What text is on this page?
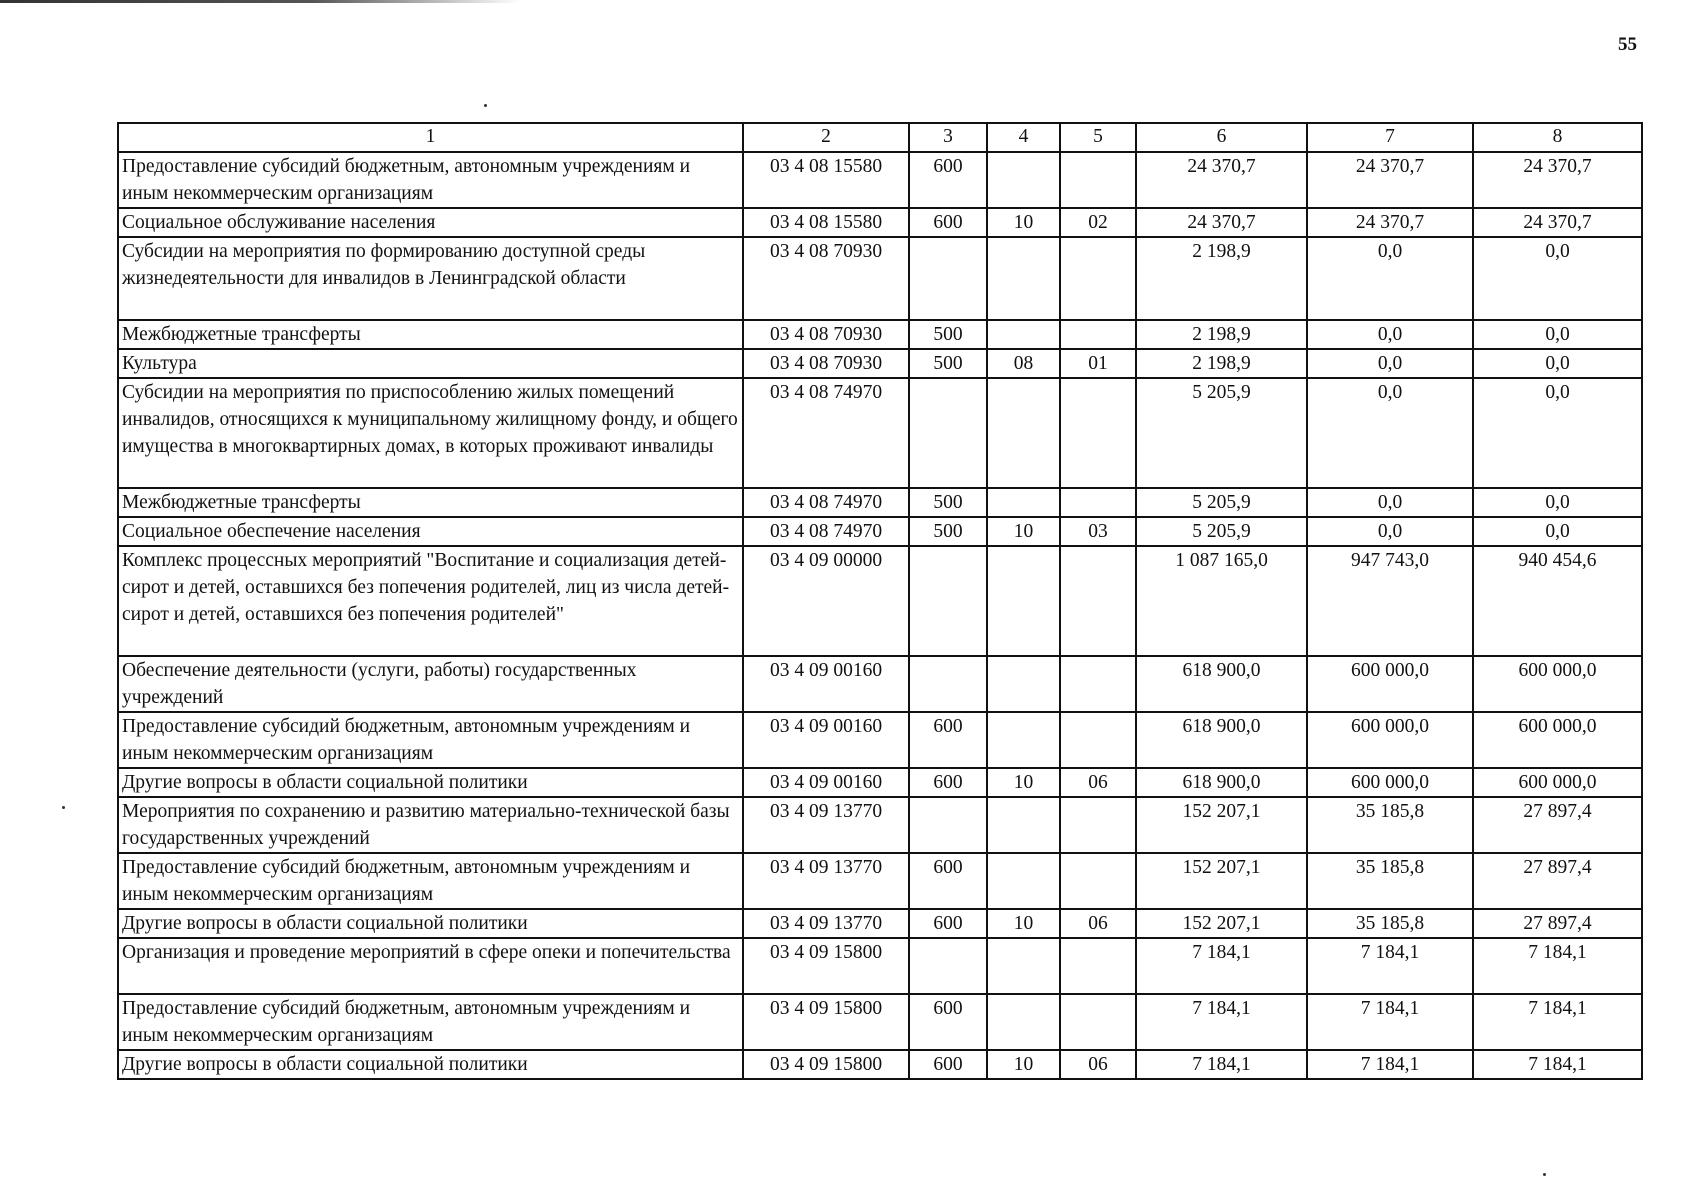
55
1	2	3	4	5	6	7	8
Предоставление субсидий бюджетным, автономным учреждениям и иным некоммерческим организациям	03 4 08 15580	600			24 370,7	24 370,7	24 370,7
Социальное обслуживание населения	03 4 08 15580	600	10	02	24 370,7	24 370,7	24 370,7
Субсидии на мероприятия по формированию доступной среды жизнедеятельности для инвалидов в Ленинградской области	03 4 08 70930				2 198,9	0,0	0,0
Межбюджетные трансферты	03 4 08 70930	500			2 198,9	0,0	0,0
Культура	03 4 08 70930	500	08	01	2 198,9	0,0	0,0
Субсидии на мероприятия по приспособлению жилых помещений инвалидов, относящихся к муниципальному жилищному фонду, и общего имущества в многоквартирных домах, в которых проживают инвалиды	03 4 08 74970				5 205,9	0,0	0,0
Межбюджетные трансферты	03 4 08 74970	500			5 205,9	0,0	0,0
Социальное обеспечение населения	03 4 08 74970	500	10	03	5 205,9	0,0	0,0
Комплекс процессных мероприятий "Воспитание и социализация детей-сирот и детей, оставшихся без попечения родителей, лиц из числа детей-сирот и детей, оставшихся без попечения родителей"	03 4 09 00000				1 087 165,0	947 743,0	940 454,6
Обеспечение деятельности (услуги, работы) государственных учреждений	03 4 09 00160				618 900,0	600 000,0	600 000,0
Предоставление субсидий бюджетным, автономным учреждениям и иным некоммерческим организациям	03 4 09 00160	600			618 900,0	600 000,0	600 000,0
Другие вопросы в области социальной политики	03 4 09 00160	600	10	06	618 900,0	600 000,0	600 000,0
Мероприятия по сохранению и развитию материально-технической базы государственных учреждений	03 4 09 13770				152 207,1	35 185,8	27 897,4
Предоставление субсидий бюджетным, автономным учреждениям и иным некоммерческим организациям	03 4 09 13770	600			152 207,1	35 185,8	27 897,4
Другие вопросы в области социальной политики	03 4 09 13770	600	10	06	152 207,1	35 185,8	27 897,4
Организация и проведение мероприятий в сфере опеки и попечительства	03 4 09 15800				7 184,1	7 184,1	7 184,1
Предоставление субсидий бюджетным, автономным учреждениям и иным некоммерческим организациям	03 4 09 15800	600			7 184,1	7 184,1	7 184,1
Другие вопросы в области социальной политики	03 4 09 15800	600	10	06	7 184,1	7 184,1	7 184,1
